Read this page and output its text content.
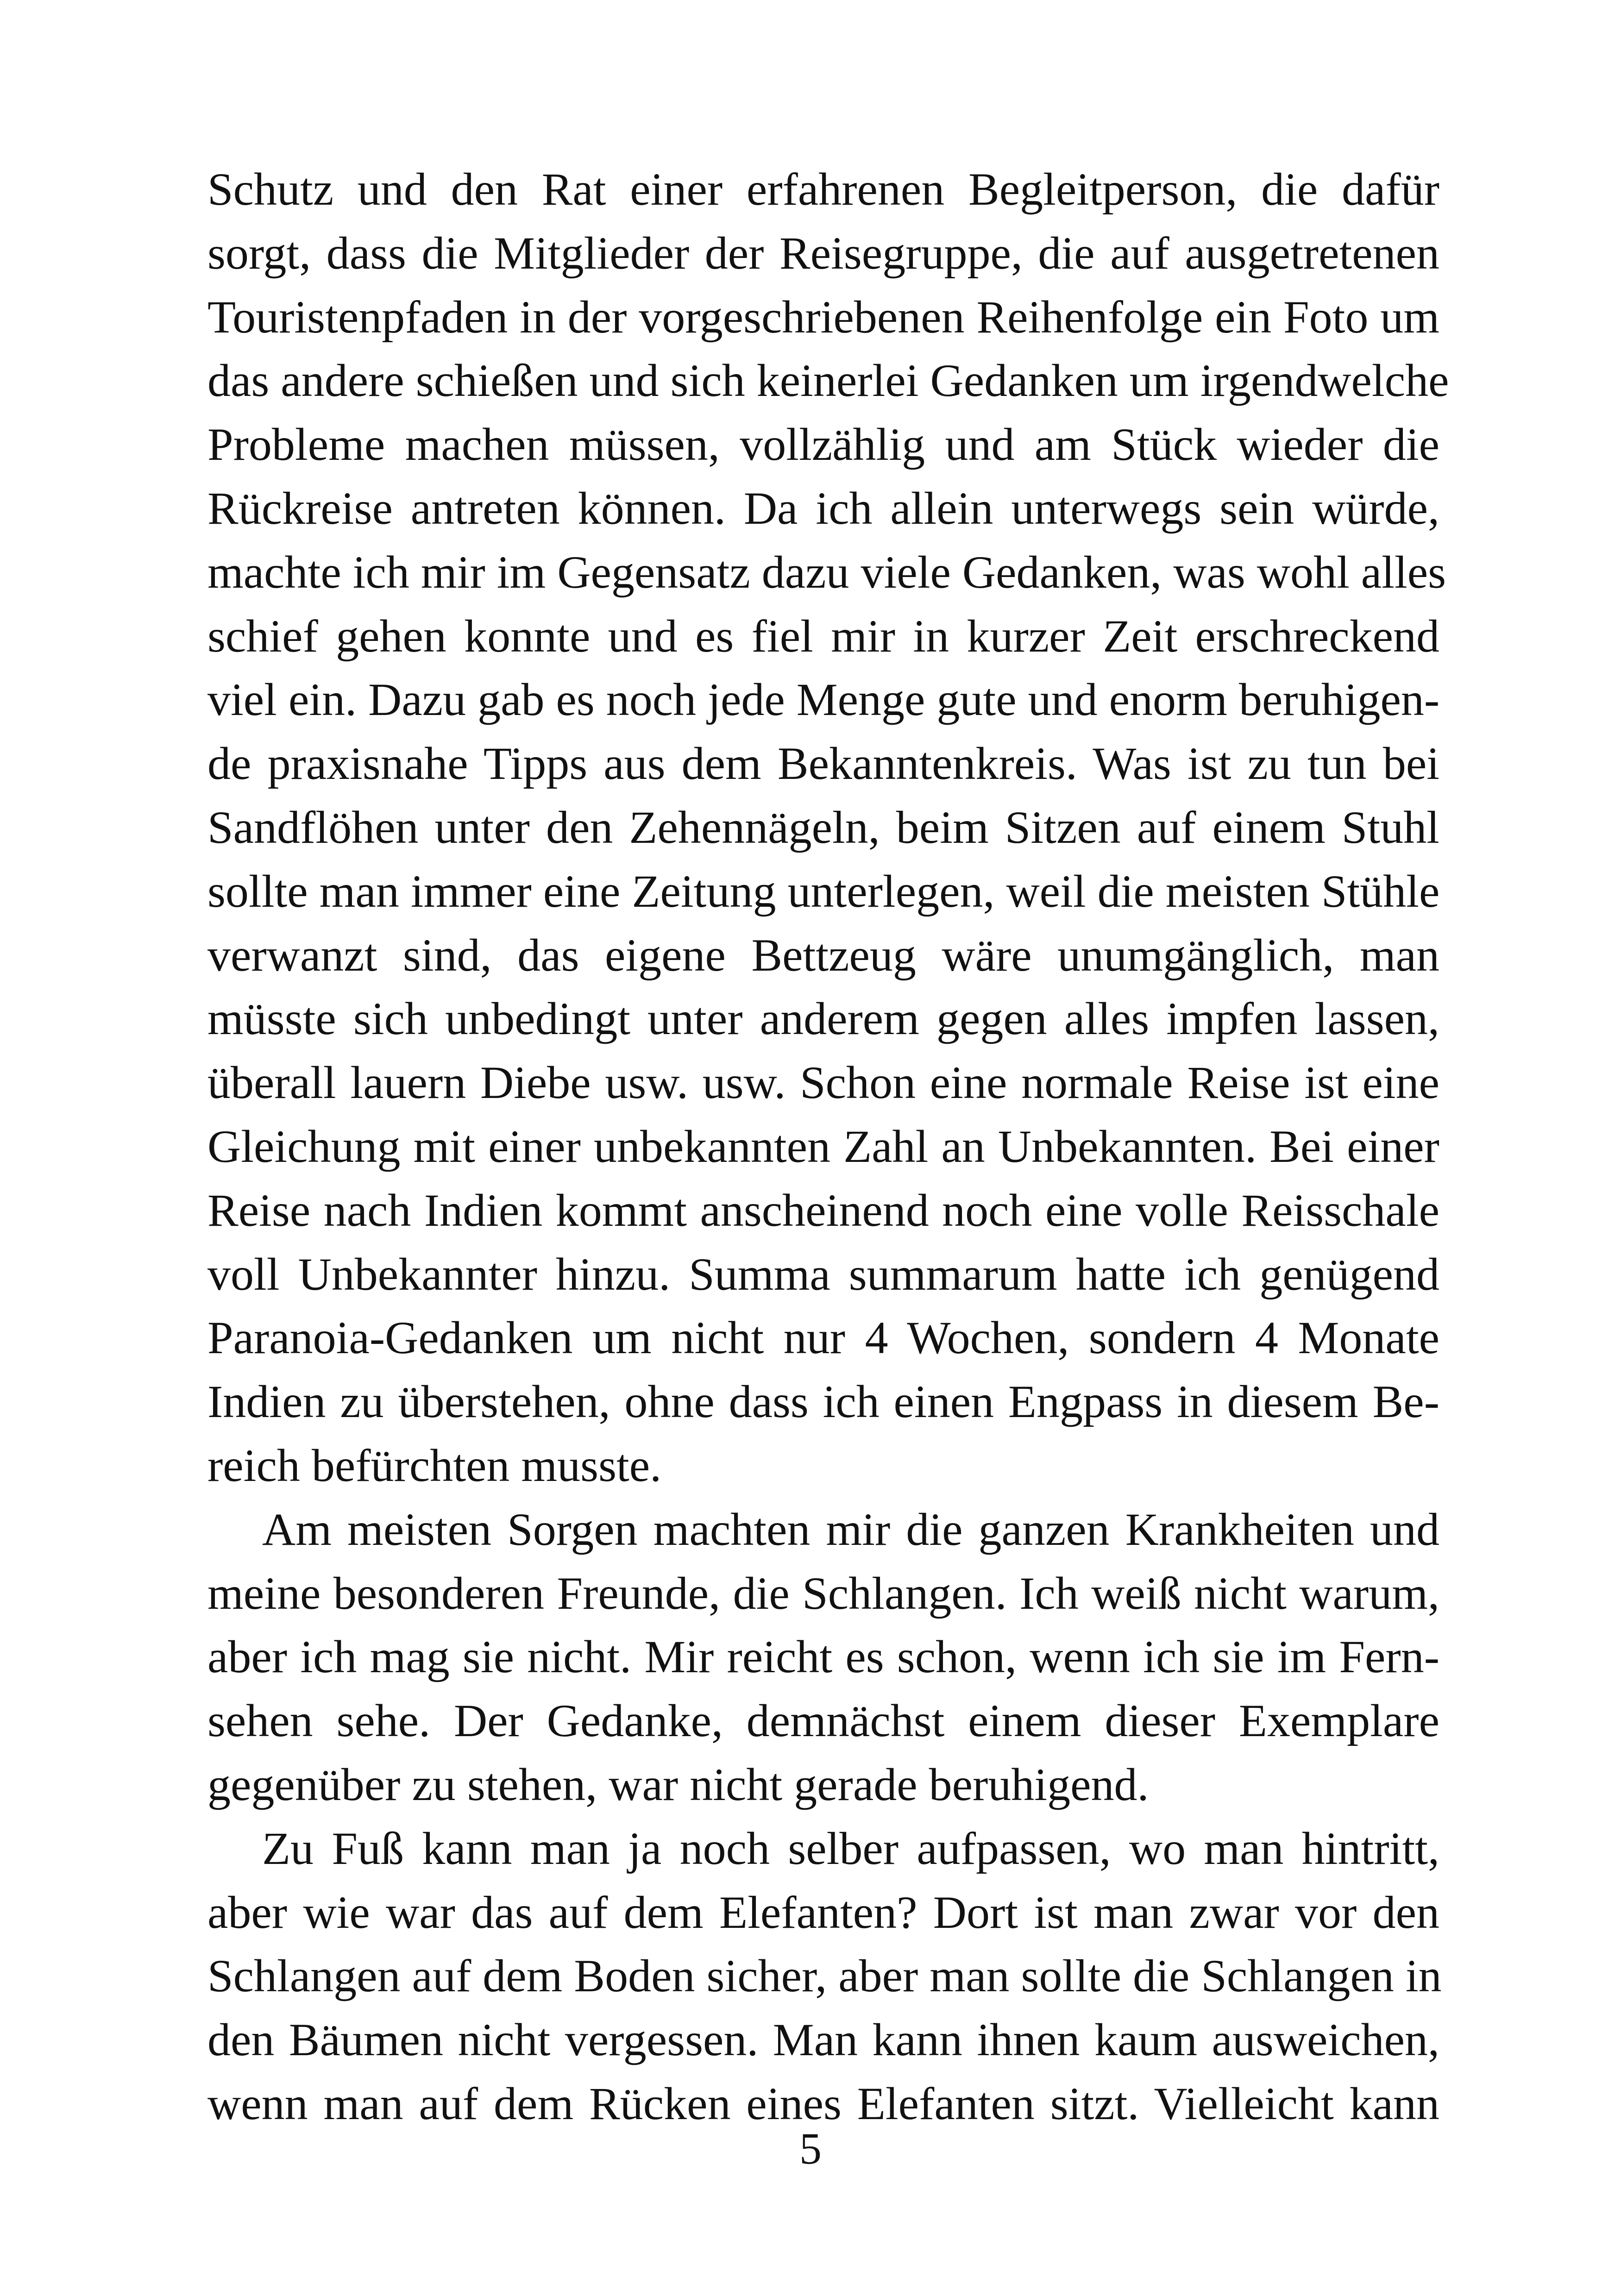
Schutz und den Rat einer erfahrenen Begleitperson, die dafür
sorgt, dass die Mitglieder der Reisegruppe, die auf ausgetretenen
Touristenpfaden in der vorgeschriebenen Reihenfolge ein Foto um
das andere schießen und sich keinerlei Gedanken um irgendwelche
Probleme machen müssen, vollzählig und am Stück wieder die
Rückreise antreten können. Da ich allein unterwegs sein würde,
machte ich mir im Gegensatz dazu viele Gedanken, was wohl alles
schief gehen konnte und es fiel mir in kurzer Zeit erschreckend
viel ein. Dazu gab es noch jede Menge gute und enorm beruhigen-
de praxisnahe Tipps aus dem Bekanntenkreis. Was ist zu tun bei
Sandflöhen unter den Zehennägeln, beim Sitzen auf einem Stuhl
sollte man immer eine Zeitung unterlegen, weil die meisten Stühle
verwanzt sind, das eigene Bettzeug wäre unumgänglich, man
müsste sich unbedingt unter anderem gegen alles impfen lassen,
überall lauern Diebe usw. usw. Schon eine normale Reise ist eine
Gleichung mit einer unbekannten Zahl an Unbekannten. Bei einer
Reise nach Indien kommt anscheinend noch eine volle Reisschale
voll Unbekannter hinzu. Summa summarum hatte ich genügend
Paranoia-Gedanken um nicht nur 4 Wochen, sondern 4 Monate
Indien zu überstehen, ohne dass ich einen Engpass in diesem Be-
reich befürchten musste.
Am meisten Sorgen machten mir die ganzen Krankheiten und
meine besonderen Freunde, die Schlangen. Ich weiß nicht warum,
aber ich mag sie nicht. Mir reicht es schon, wenn ich sie im Fern-
sehen sehe. Der Gedanke, demnächst einem dieser Exemplare
gegenüber zu stehen, war nicht gerade beruhigend.
Zu Fuß kann man ja noch selber aufpassen, wo man hintritt,
aber wie war das auf dem Elefanten? Dort ist man zwar vor den
Schlangen auf dem Boden sicher, aber man sollte die Schlangen in
den Bäumen nicht vergessen. Man kann ihnen kaum ausweichen,
wenn man auf dem Rücken eines Elefanten sitzt. Vielleicht kann
5
